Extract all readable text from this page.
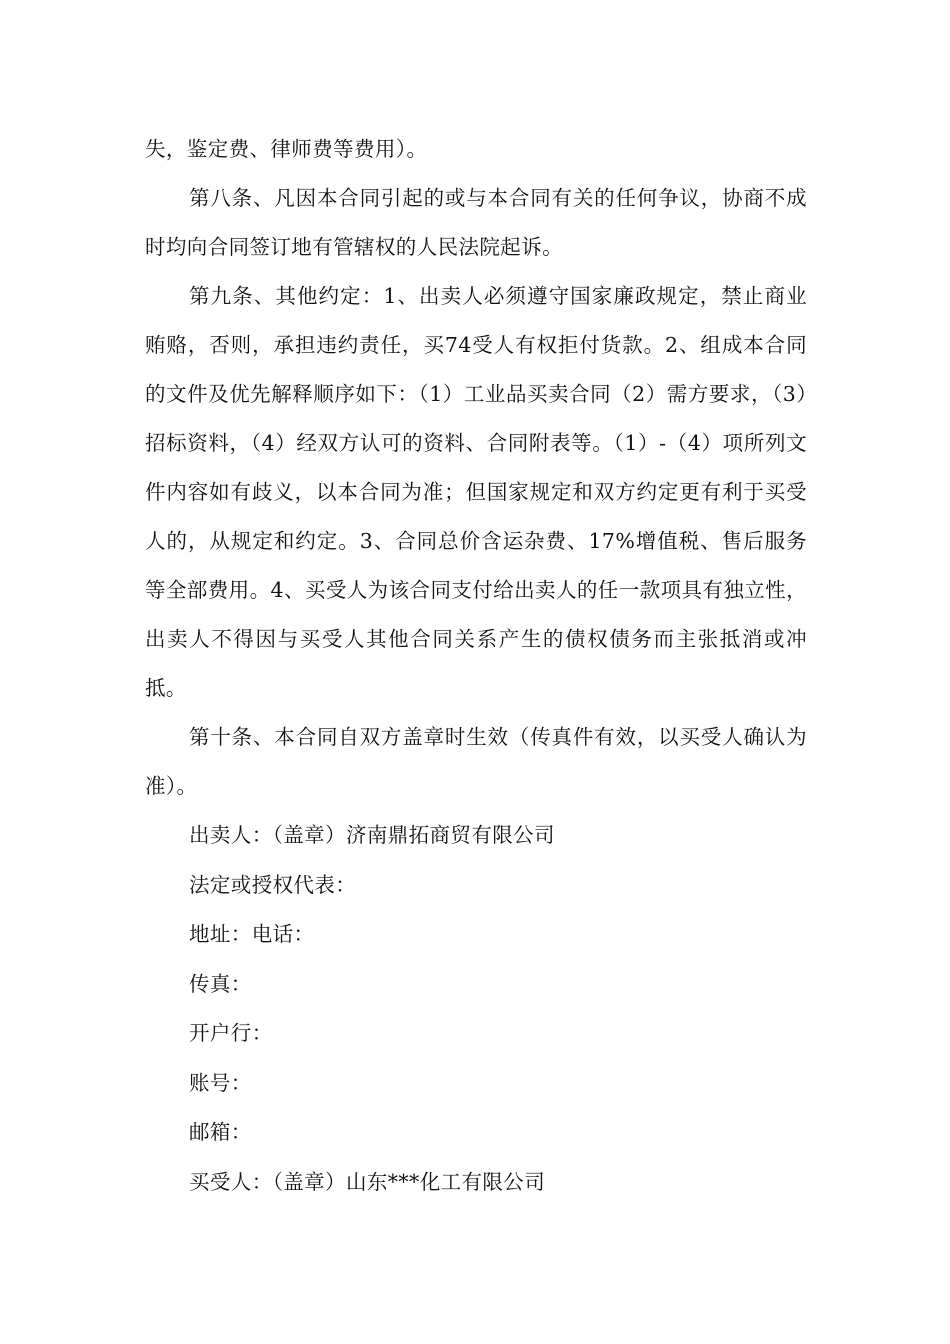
失，鉴定费、律师费等费用）。

第八条、凡因本合同引起的或与本合同有关的任何争议，协商不成时均向合同签订地有管辖权的人民法院起诉。

第九条、其他约定：1、出卖人必须遵守国家廉政规定，禁止商业贿赂，否则，承担违约责任，买74受人有权拒付货款。2、组成本合同的文件及优先解释顺序如下：（1）工业品买卖合同（2）需方要求，（3）招标资料，（4）经双方认可的资料、合同附表等。（1）-（4）项所列文件内容如有歧义，以本合同为准；但国家规定和双方约定更有利于买受人的，从规定和约定。3、合同总价含运杂费、17%增值税、售后服务等全部费用。4、买受人为该合同支付给出卖人的任一款项具有独立性，出卖人不得因与买受人其他合同关系产生的债权债务而主张抵消或冲抵。

第十条、本合同自双方盖章时生效（传真件有效，以买受人确认为准）。

出卖人：（盖章）济南鼎拓商贸有限公司

法定或授权代表：

地址：电话：

传真：

开户行：

账号：

邮箱：

买受人：（盖章）山东***化工有限公司
